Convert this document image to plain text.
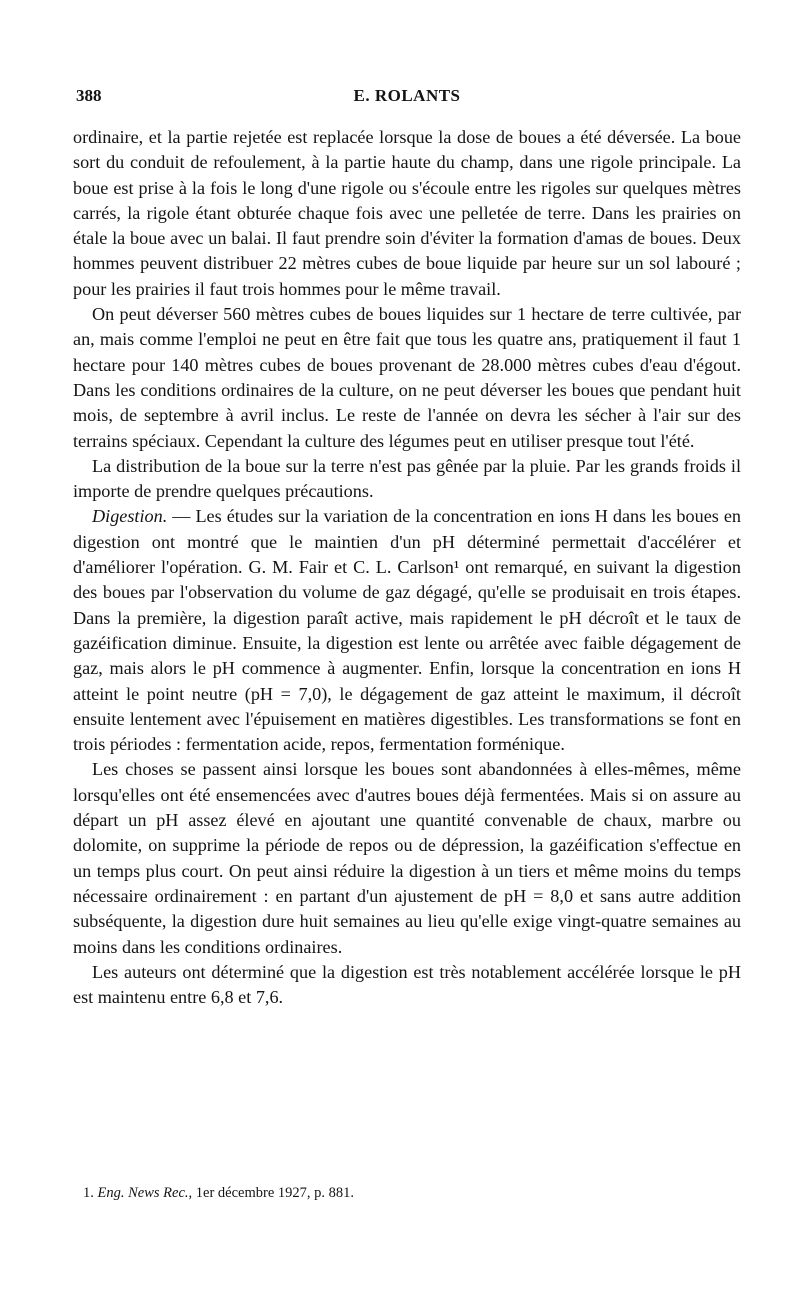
388	E. ROLANTS

ordinaire, et la partie rejetée est replacée lorsque la dose de boues a été déversée. La boue sort du conduit de refoulement, à la partie haute du champ, dans une rigole principale. La boue est prise à la fois le long d'une rigole ou s'écoule entre les rigoles sur quelques mètres carrés, la rigole étant obturée chaque fois avec une pelletée de terre. Dans les prairies on étale la boue avec un balai. Il faut prendre soin d'éviter la formation d'amas de boues. Deux hommes peuvent distribuer 22 mètres cubes de boue liquide par heure sur un sol labouré ; pour les prairies il faut trois hommes pour le même travail.

On peut déverser 560 mètres cubes de boues liquides sur 1 hectare de terre cultivée, par an, mais comme l'emploi ne peut en être fait que tous les quatre ans, pratiquement il faut 1 hectare pour 140 mètres cubes de boues provenant de 28.000 mètres cubes d'eau d'égout. Dans les conditions ordinaires de la culture, on ne peut déverser les boues que pendant huit mois, de septembre à avril inclus. Le reste de l'année on devra les sécher à l'air sur des terrains spéciaux. Cependant la culture des légumes peut en utiliser presque tout l'été.

La distribution de la boue sur la terre n'est pas gênée par la pluie. Par les grands froids il importe de prendre quelques précautions.

Digestion. — Les études sur la variation de la concentration en ions H dans les boues en digestion ont montré que le maintien d'un pH déterminé permettait d'accélérer et d'améliorer l'opération. G. M. Fair et C. L. Carlson¹ ont remarqué, en suivant la digestion des boues par l'observation du volume de gaz dégagé, qu'elle se produisait en trois étapes. Dans la première, la digestion paraît active, mais rapidement le pH décroît et le taux de gazéification diminue. Ensuite, la digestion est lente ou arrêtée avec faible dégagement de gaz, mais alors le pH commence à augmenter. Enfin, lorsque la concentration en ions H atteint le point neutre (pH = 7,0), le dégagement de gaz atteint le maximum, il décroît ensuite lentement avec l'épuisement en matières digestibles. Les transformations se font en trois périodes : fermentation acide, repos, fermentation forménique.

Les choses se passent ainsi lorsque les boues sont abandonnées à elles-mêmes, même lorsqu'elles ont été ensemencées avec d'autres boues déjà fermentées. Mais si on assure au départ un pH assez élevé en ajoutant une quantité convenable de chaux, marbre ou dolomite, on supprime la période de repos ou de dépression, la gazéification s'effectue en un temps plus court. On peut ainsi réduire la digestion à un tiers et même moins du temps nécessaire ordinairement : en partant d'un ajustement de pH = 8,0 et sans autre addition subséquente, la digestion dure huit semaines au lieu qu'elle exige vingt-quatre semaines au moins dans les conditions ordinaires.

Les auteurs ont déterminé que la digestion est très notablement accélérée lorsque le pH est maintenu entre 6,8 et 7,6.

1. Eng. News Rec., 1er décembre 1927, p. 881.
